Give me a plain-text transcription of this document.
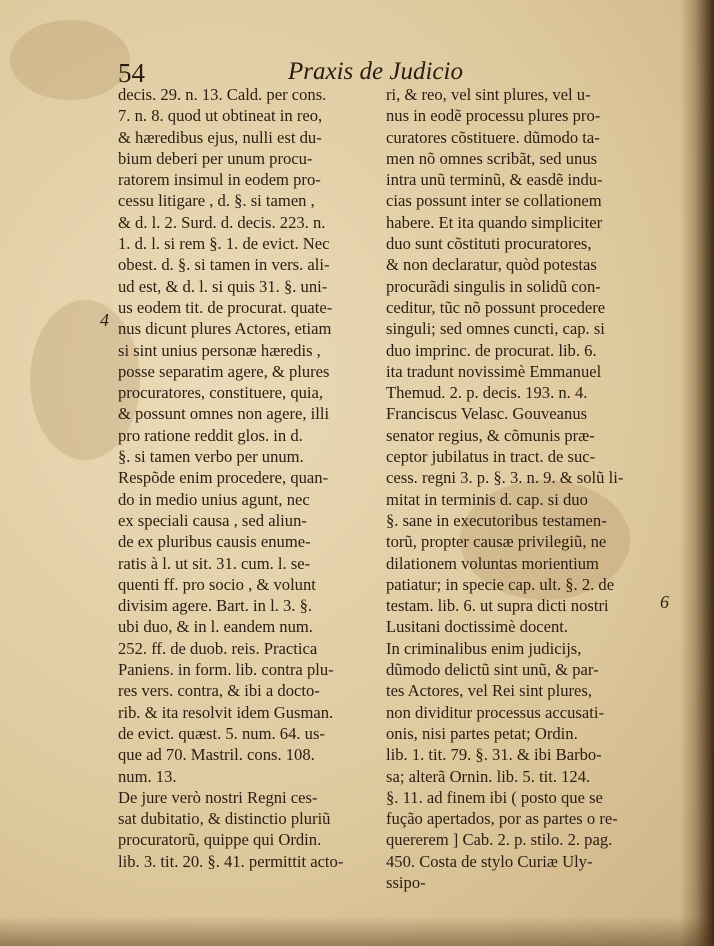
54	Praxis de Judicio
4
6
decis. 29. n. 13. Cald. per cons.
7. n. 8. quod ut obtineat in reo,
& hæredibus ejus, nulli est du-
bium deberi per unum procu-
ratorem insimul in eodem pro-
cessu litigare , d. §. si tamen ,
& d. l. 2. Surd. d. decis. 223. n.
1. d. l. si rem §. 1. de evict. Nec
obest. d. §. si tamen in vers. ali-
ud est, & d. l. si quis 31. §. uni-
us eodem tit. de procurat. quate-
nus dicunt plures Actores, etiam
si sint unius personæ hæredis ,
posse separatim agere, & plures
procuratores, constituere, quia,
& possunt omnes non agere, illi
pro ratione reddit glos. in d.
§. si tamen verbo per unum.
Respõde enim procedere, quan-
do in medio unius agunt, nec
ex speciali causa , sed aliun-
de ex pluribus causis enume-
ratis à l. ut sit. 31. cum. l. se-
quenti ff. pro socio , & volunt
divisim agere. Bart. in l. 3. §.
ubi duo, & in l. eandem num.
252. ff. de duob. reis. Practica
Paniens. in form. lib. contra plu-
res vers. contra, & ibi a docto-
rib. & ita resolvit idem Gusman.
de evict. quæst. 5. num. 64. us-
que ad 70. Mastril. cons. 108.
num. 13.
De jure verò nostri Regni ces-
sat dubitatio, & distinctio pluriũ
procuratorũ, quippe qui Ordin.
lib. 3. tit. 20. §. 41. permittit acto-
ri, & reo, vel sint plures, vel u-
nus in eodẽ processu plures pro-
curatores cõstituere. dũmodo ta-
men nõ omnes scribãt, sed unus
intra unũ terminũ, & easdẽ indu-
cias possunt inter se collationem
habere. Et ita quando simpliciter
duo sunt cõstituti procuratores,
& non declaratur, quòd potestas
procurãdi singulis in solidũ con-
ceditur, tũc nõ possunt procedere
singuli; sed omnes cuncti, cap. si
duo imprinc. de procurat. lib. 6.
ita tradunt novissimè Emmanuel
Themud. 2. p. decis. 193. n. 4.
Franciscus Velasc. Gouveanus
senator regius, & cõmunis præ-
ceptor jubilatus in tract. de suc-
cess. regni 3. p. §. 3. n. 9. & solũ li-
mitat in terminis d. cap. si duo
§. sane in executoribus testamen-
torũ, propter causæ privilegiũ, ne
dilationem voluntas morientium
patiatur; in specie cap. ult. §. 2. de
testam. lib. 6. ut supra dicti nostri
Lusitani doctissimè docent.
In criminalibus enim judicijs,
dũmodo delictũ sint unũ, & par-
tes Actores, vel Rei sint plures,
non dividitur processus accusati-
onis, nisi partes petat; Ordin.
lib. 1. tit. 79. §. 31. & ibi Barbo-
sa; alterã Ornin. lib. 5. tit. 124.
§. 11. ad finem ibi ( posto que se
fução apertados, por as partes o re-
quererem ] Cab. 2. p. stilo. 2. pag.
450. Costa de stylo Curiæ Uly-
ssipo-
